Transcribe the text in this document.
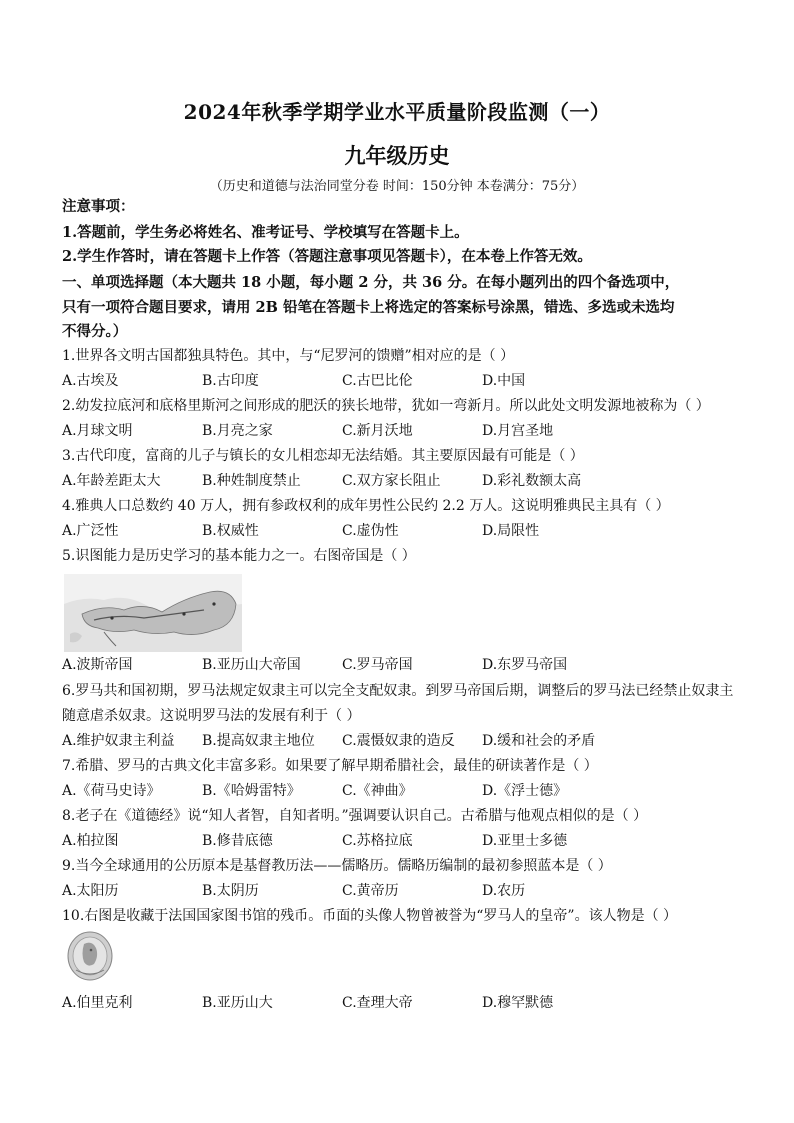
2024年秋季学期学业水平质量阶段监测（一）
九年级历史
（历史和道德与法治同堂分卷 时间：150分钟 本卷满分：75分）
注意事项：
1.答题前，学生务必将姓名、准考证号、学校填写在答题卡上。
2.学生作答时，请在答题卡上作答（答题注意事项见答题卡），在本卷上作答无效。
一、单项选择题（本大题共 18 小题，每小题 2 分，共 36 分。在每小题列出的四个备选项中，
只有一项符合题目要求，请用 2B 铅笔在答题卡上将选定的答案标号涂黑，错选、多选或未选均
不得分。）
1.世界各文明古国都独具特色。其中，与“尼罗河的馈赠”相对应的是（ ）
A.古埃及	B.古印度	C.古巴比伦	D.中国
2.幼发拉底河和底格里斯河之间形成的肥沃的狭长地带，犹如一弯新月。所以此处文明发源地被称为（ ）
A.月球文明	B.月亮之家	C.新月沃地	D.月宫圣地
3.古代印度，富商的儿子与镇长的女儿相恋却无法结婚。其主要原因最有可能是（ ）
A.年龄差距太大	B.种姓制度禁止	C.双方家长阻止	D.彩礼数额太高
4.雅典人口总数约 40 万人，拥有参政权利的成年男性公民约 2.2 万人。这说明雅典民主具有（ ）
A.广泛性	B.权威性	C.虚伪性	D.局限性
5.识图能力是历史学习的基本能力之一。右图帝国是（ ）
A.波斯帝国	B.亚历山大帝国	C.罗马帝国	D.东罗马帝国
6.罗马共和国初期，罗马法规定奴隶主可以完全支配奴隶。到罗马帝国后期，调整后的罗马法已经禁止奴隶主
随意虐杀奴隶。这说明罗马法的发展有利于（ ）
A.维护奴隶主利益 B.提高奴隶主地位 C.震慑奴隶的造反 D.缓和社会的矛盾
7.希腊、罗马的古典文化丰富多彩。如果要了解早期希腊社会，最佳的研读著作是（ ）
A.《荷马史诗》	B.《哈姆雷特》	C.《神曲》	D.《浮士德》
8.老子在《道德经》说“知人者智，自知者明。”强调要认识自己。古希腊与他观点相似的是（ ）
A.柏拉图	B.修昔底德	C.苏格拉底	D.亚里士多德
9.当今全球通用的公历原本是基督教历法——儒略历。儒略历编制的最初参照蓝本是（ ）
A.太阳历	B.太阴历	C.黄帝历	D.农历
10.右图是收藏于法国国家图书馆的残币。币面的头像人物曾被誉为“罗马人的皇帝”。该人物是（ ）
A.伯里克利	B.亚历山大	C.查理大帝	D.穆罕默德
